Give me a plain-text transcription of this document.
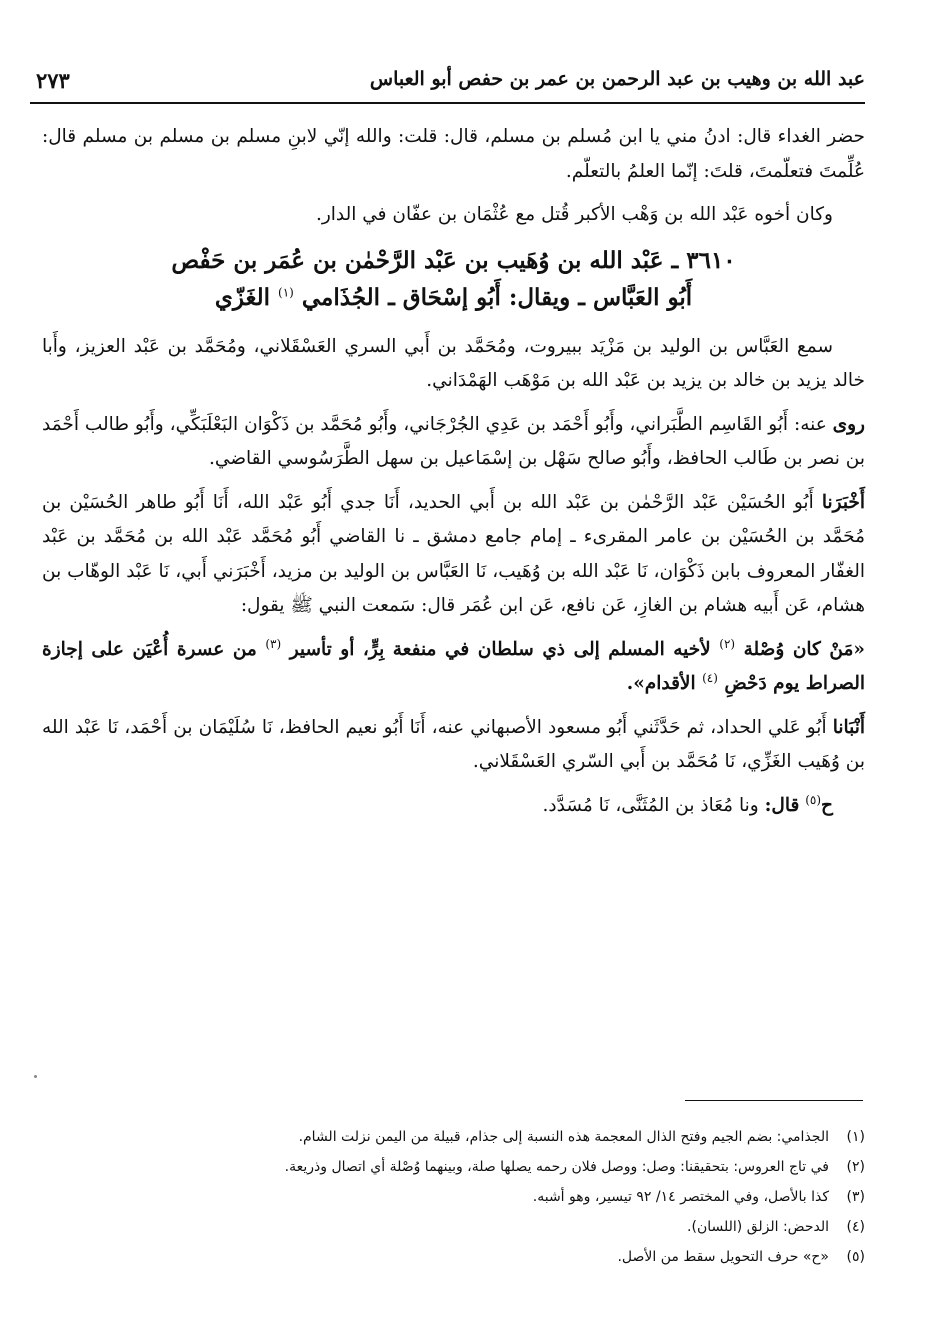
عبد الله بن وهيب بن عبد الرحمن بن عمر بن حفص أبو العباس
٢٧٣

حضر الغداء قال: ادنُ مني يا ابن مُسلم بن مسلم، قال: قلت: والله إنّي لابنِ مسلم بن مسلم بن مسلم قال: عُلِّمتَ فتعلّمتَ، قلتَ: إنّما العلمُ بالتعلّم.

وكان أخوه عَبْد الله بن وَهْب الأكبر قُتل مع عُثْمَان بن عفّان في الدار.

٣٦١٠ ـ عَبْد الله بن وُهَيب بن عَبْد الرَّحْمٰن بن عُمَر بن حَفْص
أَبُو العَبَّاس ـ ويقال: أَبُو إسْحَاق ـ الجُذَامي $^{(١)}$ الغَزّي

سمع العَبَّاس بن الوليد بن مَزْيَد ببيروت، ومُحَمَّد بن أَبي السري العَسْقَلاني، ومُحَمَّد بن عَبْد العزيز، وأَبا خالد يزيد بن خالد بن يزيد بن عَبْد الله بن مَوْهَب الهَمْدَاني.

روى عنه: أَبُو القَاسِم الطَّبَراني، وأَبُو أَحْمَد بن عَدِي الجُرْجَاني، وأَبُو مُحَمَّد بن ذَكْوَان البَعْلَبَكِّي، وأَبُو طالب أَحْمَد بن نصر بن طَالب الحافظ، وأَبُو صالح سَهْل بن إسْمَاعيل بن سهل الطَّرَسُوسي القاضي.

أَخْبَرَنا أَبُو الحُسَيْن عَبْد الرَّحْمٰن بن عَبْد الله بن أَبي الحديد، أَنَا جدي أَبُو عَبْد الله، أَنَا أَبُو طاهر الحُسَيْن بن مُحَمَّد بن الحُسَيْن بن عامر المقرىء ـ إمام جامع دمشق ـ نا القاضي أَبُو مُحَمَّد عَبْد الله بن مُحَمَّد بن عَبْد الغفّار المعروف بابن ذَكْوَان، نَا عَبْد الله بن وُهَيب، نَا العَبَّاس بن الوليد بن مزيد، أَخْبَرَني أَبي، نَا عَبْد الوهّاب بن هشام، عَن أَبيه هشام بن الغازِ، عَن نافع، عَن ابن عُمَر قال: سَمعت النبي ﷺ يقول:

«مَنْ كان وُصْلة $^{(٢)}$ لأخيه المسلم إلى ذي سلطان في منفعة بِرٍّ، أو تأسير $^{(٣)}$ من عسرة أُعْيَن على إجازة الصراط يوم دَحْضِ $^{(٤)}$ الأقدام».

أَنْبَانا أَبُو عَلي الحداد، ثم حَدَّثَني أَبُو مسعود الأصبهاني عنه، أَنَا أَبُو نعيم الحافظ، نَا سُلَيْمَان بن أَحْمَد، نَا عَبْد الله بن وُهَيب الغَزِّي، نَا مُحَمَّد بن أَبي السّري العَسْقَلاني.

ح$^{(٥)}$ قال: ونا مُعَاذ بن المُثَنَّى، نَا مُسَدَّد.

(١)
الجذامي: بضم الجيم وفتح الذال المعجمة هذه النسبة إلى جذام، قبيلة من اليمن نزلت الشام.
(٢)
في تاج العروس: بتحقيقنا: وصل: ووصل فلان رحمه يصلها صلة، وبينهما وُصْلة أي اتصال وذريعة.
(٣)
كذا بالأصل، وفي المختصر ١٤/ ٩٢ تيسير، وهو أشبه.
(٤)
الدحض: الزلق (اللسان).
(٥)
«ح» حرف التحويل سقط من الأصل.
